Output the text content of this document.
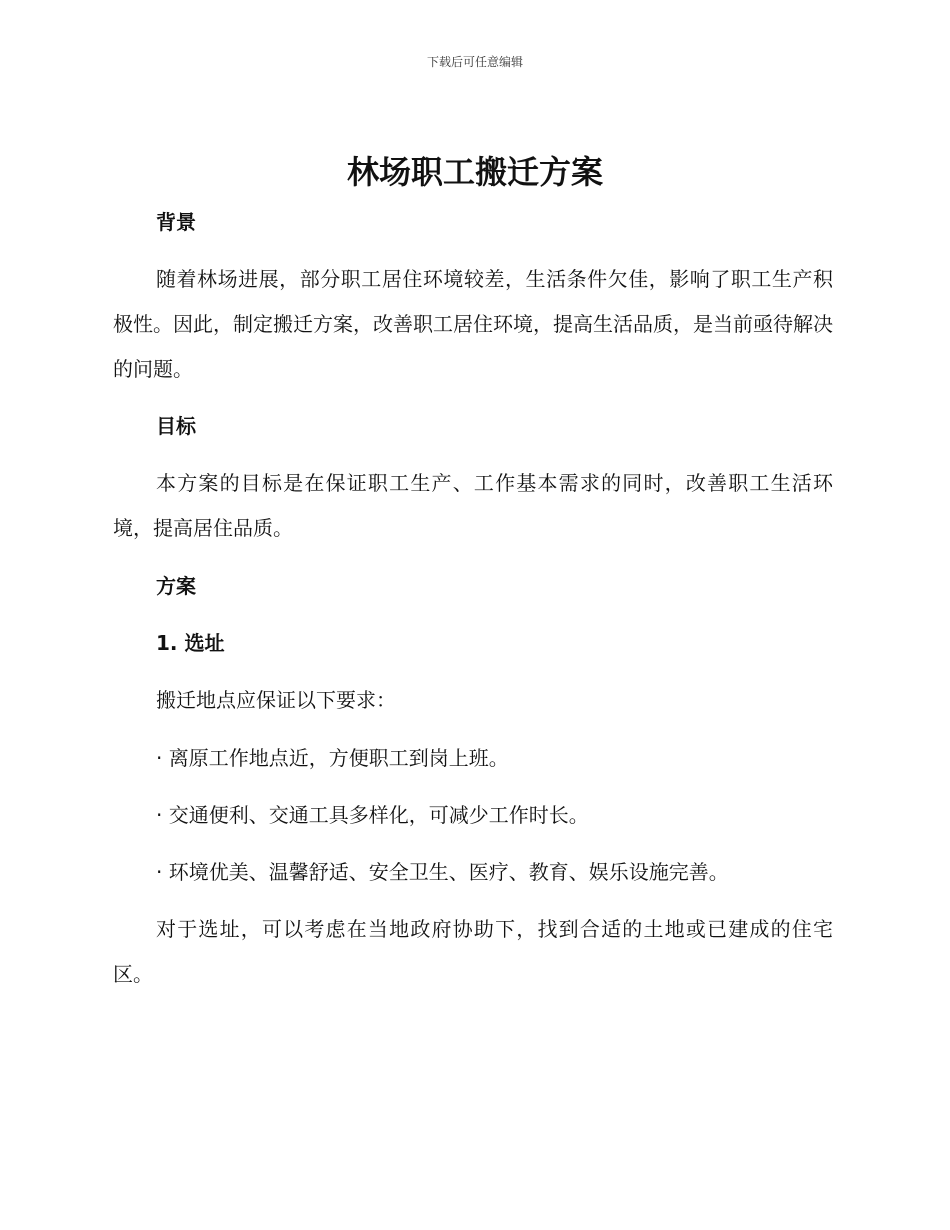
下载后可任意编辑
林场职工搬迁方案
背景

随着林场进展，部分职工居住环境较差，生活条件欠佳，影响了职工生产积极性。因此，制定搬迁方案，改善职工居住环境，提高生活品质，是当前亟待解决的问题。

目标

本方案的目标是在保证职工生产、工作基本需求的同时，改善职工生活环境，提高居住品质。

方案
1. 选址

搬迁地点应保证以下要求：

· 离原工作地点近，方便职工到岗上班。

· 交通便利、交通工具多样化，可减少工作时长。

· 环境优美、温馨舒适、安全卫生、医疗、教育、娱乐设施完善。

对于选址，可以考虑在当地政府协助下，找到合适的土地或已建成的住宅区。
